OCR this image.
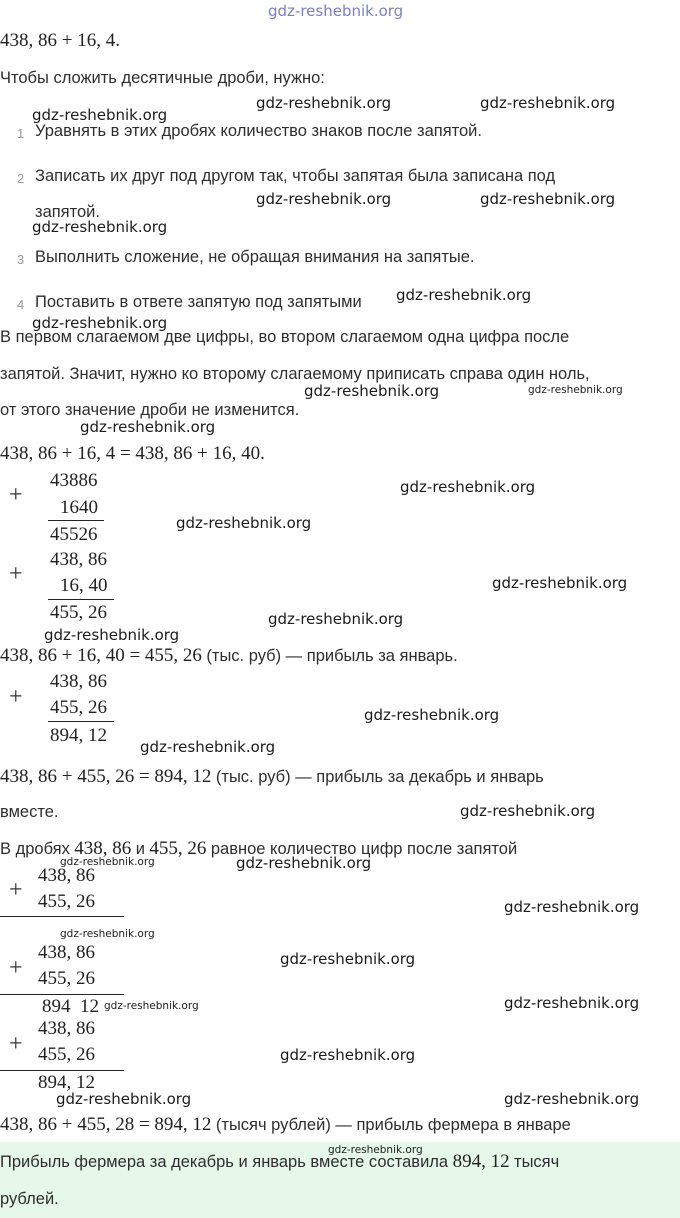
gdz-reshebnik.org
438, 86 + 16, 4.
Чтобы сложить десятичные дроби, нужно:
1 Уравнять в этих дробях количество знаков после запятой.
2 Записать их друг под другом так, чтобы запятая была записана под
запятой.
3 Выполнить сложение, не обращая внимания на запятые.
4 Поставить в ответе запятую под запятыми
В первом слагаемом две цифры, во втором слагаемом одна цифра после
запятой. Значит, нужно ко второму слагаемому приписать справа один ноль,
от этого значение дроби не изменится.
438, 86 + 16, 4 = 438, 86 + 16, 40.
+
43886
1640
45526
+
438, 86
16, 40
455, 26
438, 86 + 16, 40 = 455, 26 (тыс. руб) — прибыль за январь.
+
438, 86
455, 26
894, 12
438, 86 + 455, 26 = 894, 12 (тыс. руб) — прибыль за декабрь и январь
вместе.
В дробях 438, 86 и 455, 26 равное количество цифр после запятой
+
438, 86
455, 26
+
438, 86
455, 26
894  12
+
438, 86
455, 26
894, 12
438, 86 + 455, 28 = 894, 12 (тысяч рублей) — прибыль фермера в январе
Прибыль фермера за декабрь и январь вместе составила 894, 12 тысяч
рублей.
gdz-reshebnik.org
gdz-reshebnik.org	gdz-reshebnik.org
gdz-reshebnik.org	gdz-reshebnik.org
gdz-reshebnik.org
gdz-reshebnik.org
gdz-reshebnik.org
gdz-reshebnik.org	gdz-reshebnik.org
gdz-reshebnik.org
gdz-reshebnik.org
gdz-reshebnik.org
gdz-reshebnik.org
gdz-reshebnik.org
gdz-reshebnik.org
gdz-reshebnik.org
gdz-reshebnik.org
gdz-reshebnik.org
gdz-reshebnik.org	gdz-reshebnik.org
gdz-reshebnik.org
gdz-reshebnik.org
gdz-reshebnik.org
gdz-reshebnik.org	gdz-reshebnik.org
gdz-reshebnik.org
gdz-reshebnik.org	gdz-reshebnik.org
gdz-reshebnik.org
